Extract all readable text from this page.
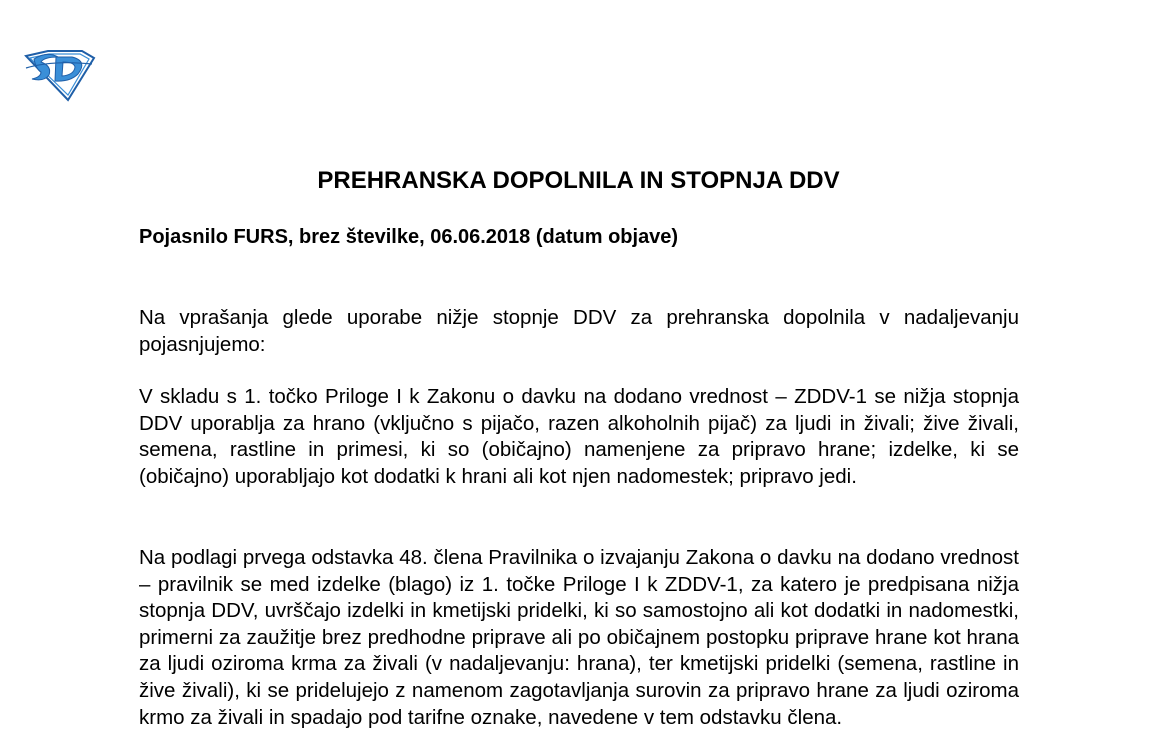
PREHRANSKA DOPOLNILA IN STOPNJA DDV
Pojasnilo FURS, brez številke, 06.06.2018 (datum objave)

Na vprašanja glede uporabe nižje stopnje DDV za prehranska dopolnila v nadaljevanju pojasnjujemo:

V skladu s 1. točko Priloge I k Zakonu o davku na dodano vrednost – ZDDV-1 se nižja stopnja DDV uporablja za hrano (vključno s pijačo, razen alkoholnih pijač) za ljudi in živali; žive živali, semena, rastline in primesi, ki so (običajno) namenjene za pripravo hrane; izdelke, ki se (običajno) uporabljajo kot dodatki k hrani ali kot njen nadomestek; pripravo jedi.

Na podlagi prvega odstavka 48. člena Pravilnika o izvajanju Zakona o davku na dodano vrednost – pravilnik se med izdelke (blago) iz 1. točke Priloge I k ZDDV-1, za katero je predpisana nižja stopnja DDV, uvrščajo izdelki in kmetijski pridelki, ki so samostojno ali kot dodatki in nadomestki, primerni za zaužitje brez predhodne priprave ali po običajnem postopku priprave hrane kot hrana za ljudi oziroma krma za živali (v nadaljevanju: hrana), ter kmetijski pridelki (semena, rastline in žive živali), ki se pridelujejo z namenom zagotavljanja surovin za pripravo hrane za ljudi oziroma krmo za živali in spadajo pod tarifne oznake, navedene v tem odstavku člena.
